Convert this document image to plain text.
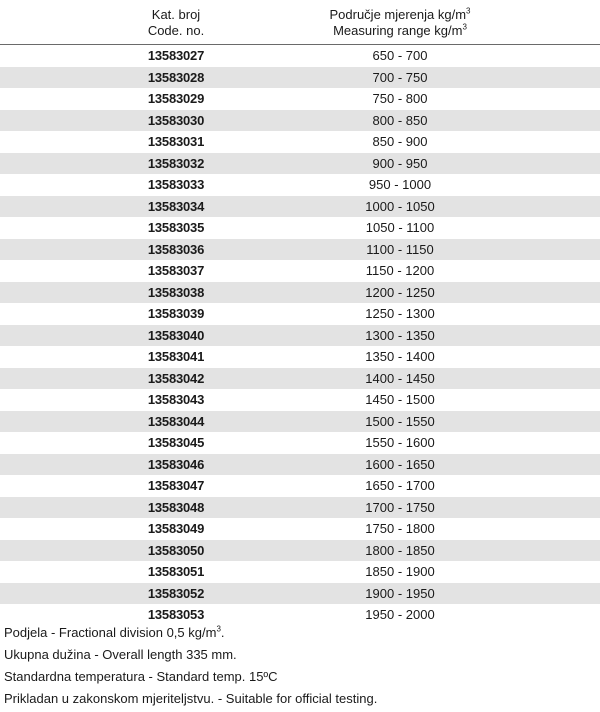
Kat. broj
Code. no.
Područje mjerenja $kg/m^3$
Measuring range $kg/m^3$
13583027	650 - 700
13583028	700 - 750
13583029	750 - 800
13583030	800 - 850
13583031	850 - 900
13583032	900 - 950
13583033	950 - 1000
13583034	1000 - 1050
13583035	1050 - 1100
13583036	1100 - 1150
13583037	1150 - 1200
13583038	1200 - 1250
13583039	1250 - 1300
13583040	1300 - 1350
13583041	1350 - 1400
13583042	1400 - 1450
13583043	1450 - 1500
13583044	1500 - 1550
13583045	1550 - 1600
13583046	1600 - 1650
13583047	1650 - 1700
13583048	1700 - 1750
13583049	1750 - 1800
13583050	1800 - 1850
13583051	1850 - 1900
13583052	1900 - 1950
13583053	1950 - 2000
Podjela - Fractional division 0,5 $kg/m^3$.
Ukupna dužina - Overall length 335 mm.
Standardna temperatura - Standard temp. 15ºC
Prikladan u zakonskom mjeriteljstvu. - Suitable for official testing.
